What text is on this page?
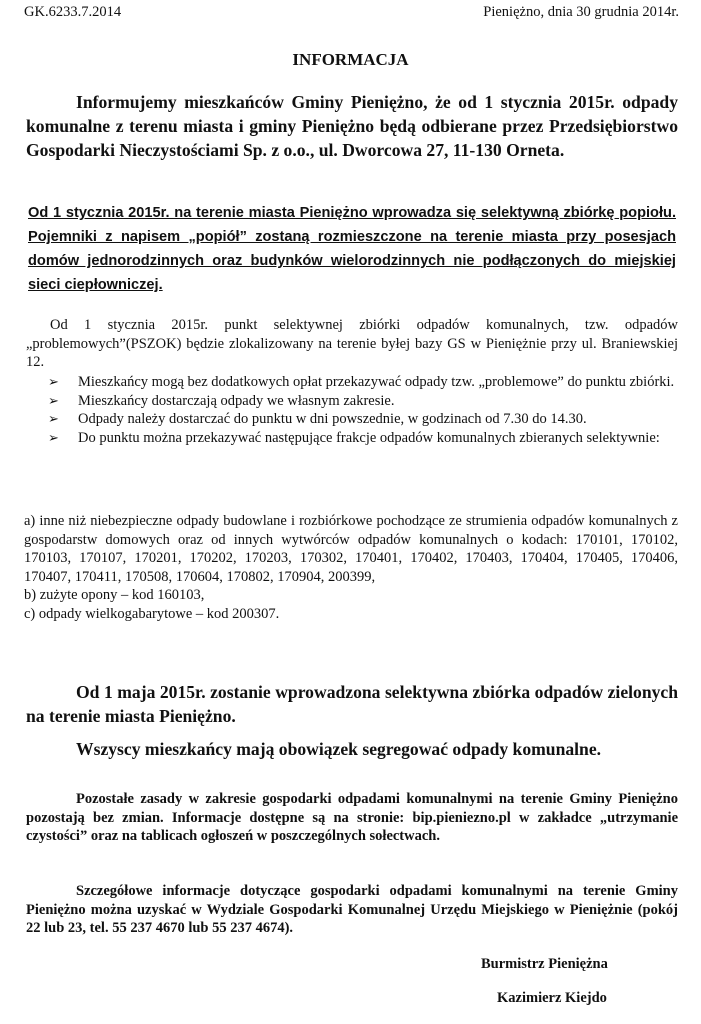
GK.6233.7.2014	Pieniężno, dnia 30 grudnia 2014r.
INFORMACJA

Informujemy mieszkańców Gminy Pieniężno, że od 1 stycznia 2015r. odpady komunalne z terenu miasta i gminy Pieniężno będą odbierane przez Przedsiębiorstwo Gospodarki Nieczystościami Sp. z o.o., ul. Dworcowa 27, 11-130 Orneta.

Od 1 stycznia 2015r. na terenie miasta Pieniężno wprowadza się selektywną zbiórkę popiołu. Pojemniki z napisem „popiół” zostaną rozmieszczone na terenie miasta przy posesjach domów jednorodzinnych oraz budynków wielorodzinnych nie podłączonych do miejskiej sieci ciepłowniczej.

Od 1 stycznia 2015r. punkt selektywnej zbiórki odpadów komunalnych, tzw. odpadów „problemowych”(PSZOK) będzie zlokalizowany na terenie byłej bazy GS w Pieniężnie przy ul. Braniewskiej 12.

➢ Mieszkańcy mogą bez dodatkowych opłat przekazywać odpady tzw. „problemowe” do punktu zbiórki.
➢ Mieszkańcy dostarczają odpady we własnym zakresie.
➢ Odpady należy dostarczać do punktu w dni powszednie, w godzinach od 7.30 do 14.30.
➢ Do punktu można przekazywać następujące frakcje odpadów komunalnych zbieranych selektywnie:
a) inne niż niebezpieczne odpady budowlane i rozbiórkowe pochodzące ze strumienia odpadów komunalnych z gospodarstw domowych oraz od innych wytwórców odpadów komunalnych o kodach: 170101, 170102, 170103, 170107, 170201, 170202, 170203, 170302, 170401, 170402, 170403, 170404, 170405, 170406, 170407, 170411, 170508, 170604, 170802, 170904, 200399,
b) zużyte opony – kod 160103,
c) odpady wielkogabarytowe – kod 200307.

Od 1 maja 2015r. zostanie wprowadzona selektywna zbiórka odpadów zielonych na terenie miasta Pieniężno.

Wszyscy mieszkańcy mają obowiązek segregować odpady komunalne.

Pozostałe zasady w zakresie gospodarki odpadami komunalnymi na terenie Gminy Pieniężno pozostają bez zmian. Informacje dostępne są na stronie: bip.pieniezno.pl w zakładce „utrzymanie czystości” oraz na tablicach ogłoszeń w poszczególnych sołectwach.

Szczegółowe informacje dotyczące gospodarki odpadami komunalnymi na terenie Gminy Pieniężno można uzyskać w Wydziale Gospodarki Komunalnej Urzędu Miejskiego w Pieniężnie (pokój 22 lub 23, tel. 55 237 4670 lub 55 237 4674).

Burmistrz Pieniężna
Kazimierz Kiejdo
